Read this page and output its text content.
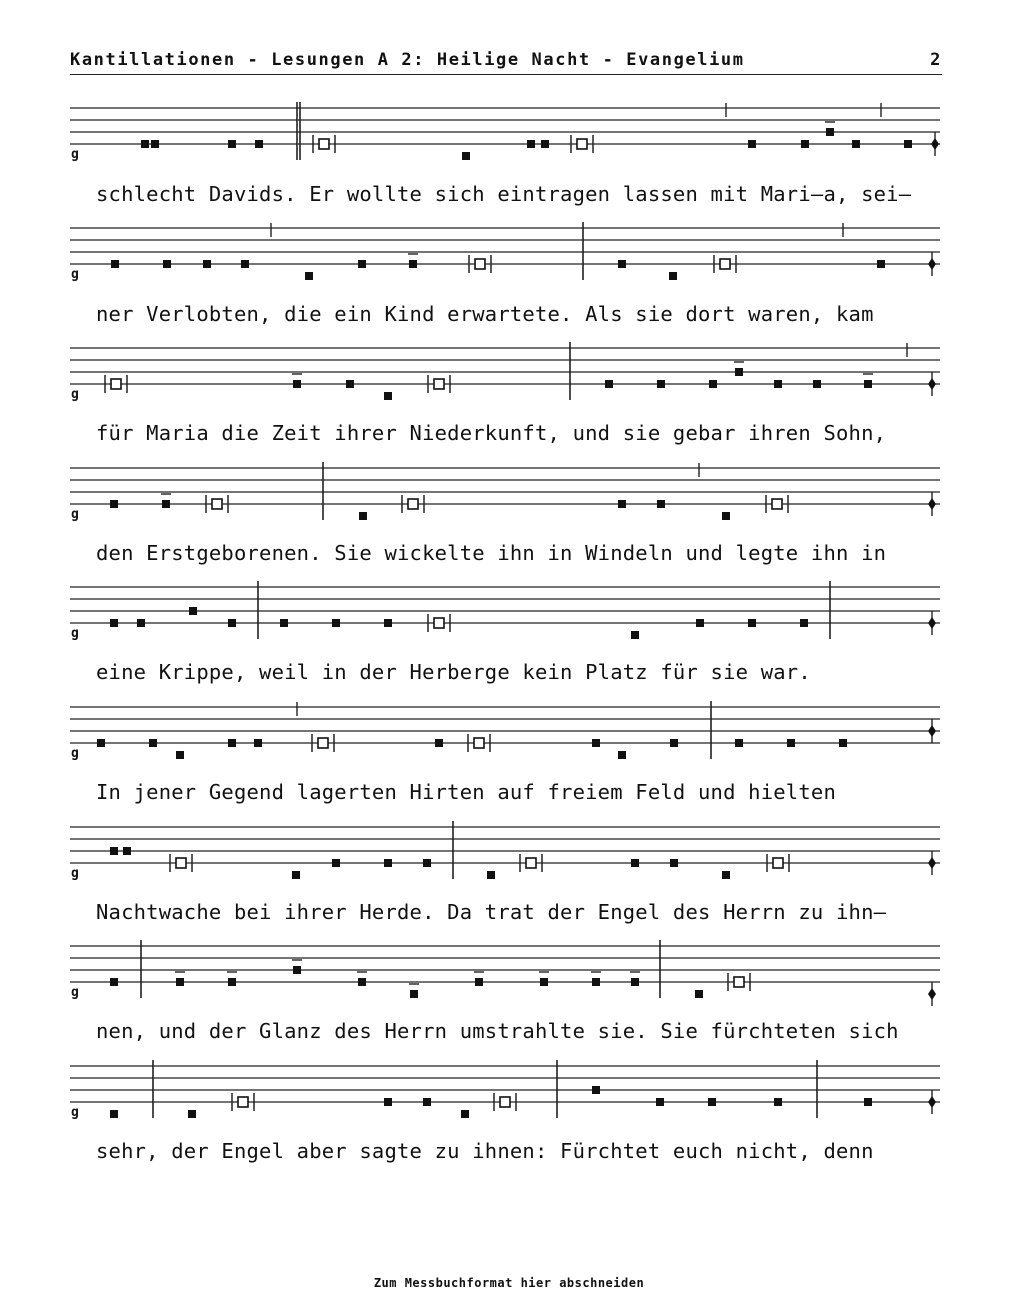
Kantillationen - Lesungen A 2: Heilige Nacht - Evangelium	2
g
g
g
g
g
g
g
g
g
schlecht Davids. Er wollte sich eintragen lassen mit Mari–a, sei–
ner Verlobten, die ein Kind erwartete. Als sie dort waren, kam
für Maria die Zeit ihrer Niederkunft, und sie gebar ihren Sohn,
den Erstgeborenen. Sie wickelte ihn in Windeln und legte ihn in
eine Krippe, weil in der Herberge kein Platz für sie war.
In jener Gegend lagerten Hirten auf freiem Feld und hielten
Nachtwache bei ihrer Herde. Da trat der Engel des Herrn zu ihn–
nen, und der Glanz des Herrn umstrahlte sie. Sie fürchteten sich
sehr, der Engel aber sagte zu ihnen: Fürchtet euch nicht, denn
Zum Messbuchformat hier abschneiden
